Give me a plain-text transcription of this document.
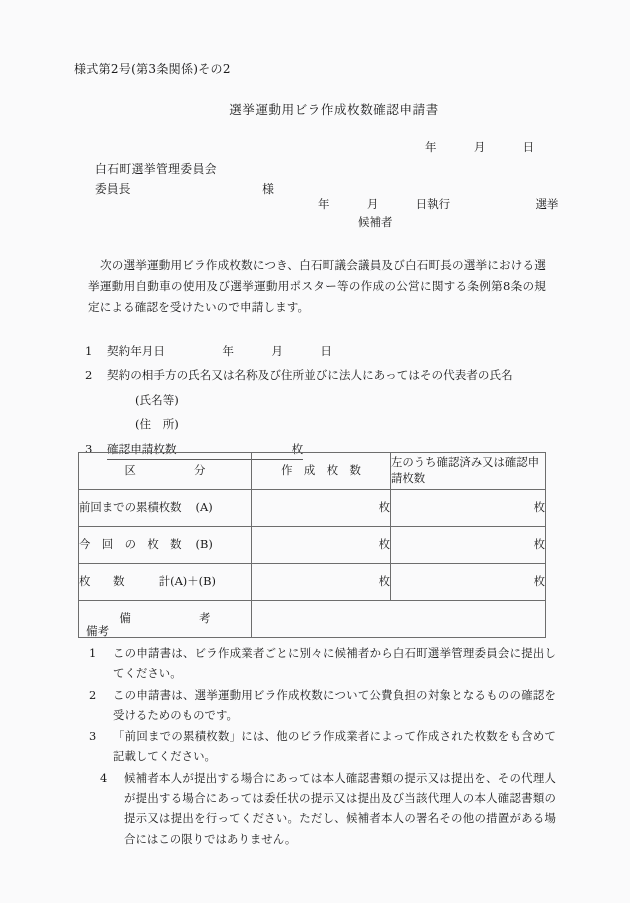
様式第2号(第3条関係)その2
選挙運動用ビラ作成枚数確認申請書
年	月	日
白石町選挙管理委員会
委員長	様
年	月	日執行	選挙
候補者
次の選挙運動用ビラ作成枚数につき、白石町議会議員及び白石町長の選挙における選挙運動用自動車の使用及び選挙運動用ポスター等の作成の公営に関する条例第8条の規定による確認を受けたいので申請します。
1 契約年月日	年	月	日
2 契約の相手方の氏名又は名称及び住所並びに法人にあってはその代表者の氏名
(氏名等)
(住　所)
3 確認申請枚数	枚
区　　　　　分	作　成　枚　数	左のうち確認済み又は確認申請枚数
前回までの累積枚数 (A)	枚	枚
今　回　の　枚　数 (B)	枚	枚
枚　　数　　　計(A)＋(B)	枚	枚
備　　　　　　考		
備考
1 この申請書は、ビラ作成業者ごとに別々に候補者から白石町選挙管理委員会に提出してください。
2 この申請書は、選挙運動用ビラ作成枚数について公費負担の対象となるものの確認を受けるためのものです。
3 「前回までの累積枚数」には、他のビラ作成業者によって作成された枚数をも含めて記載してください。
4 候補者本人が提出する場合にあっては本人確認書類の提示又は提出を、その代理人が提出する場合にあっては委任状の提示又は提出及び当該代理人の本人確認書類の提示又は提出を行ってください。ただし、候補者本人の署名その他の措置がある場合にはこの限りではありません。
